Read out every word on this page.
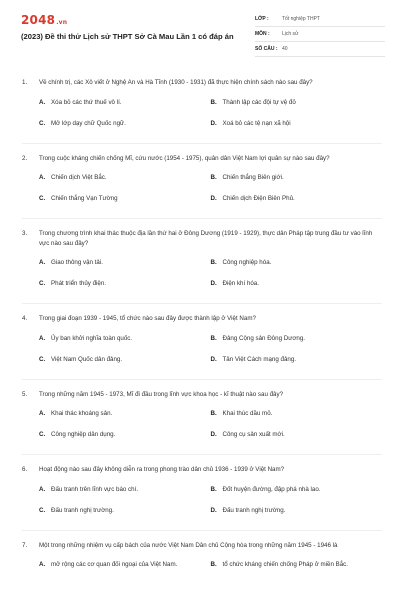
2048.vn
(2023) Đề thi thử Lịch sử THPT Sở Cà Mau Lần 1 có đáp án
LỚP :	Tốt nghiệp THPT
MÔN :	Lịch sử
SỐ CÂU : 40
1.	Về chính trị, các Xô viết ở Nghệ An và Hà Tĩnh (1930 - 1931) đã thực hiện chính sách nào sau đây?
A. Xóa bỏ các thứ thuế vô lí.	B. Thành lập các đội tự vệ đỏ
C. Mở lớp dạy chữ Quốc ngữ.	D. Xoá bỏ các tệ nạn xã hội
2.	Trong cuộc kháng chiến chống Mĩ, cứu nước (1954 - 1975), quân dân Việt Nam lợi quân sự nào sau đây?
A. Chiến dịch Việt Bắc.	B. Chiến thắng Biên giới.
C. Chiến thắng Vạn Tường	D. Chiến dịch Điện Biên Phủ.
3.	Trong chương trình khai thác thuộc địa lần thứ hai ở Đông Dương (1919 - 1929), thực dân Pháp tập trung đầu tư vào lĩnh vực nào sau đây?
A. Giao thông vận tải.	B. Công nghiệp hóa.
C. Phát triển thủy điện.	D. Điện khí hóa.
4.	Trong giai đoạn 1939 - 1945, tổ chức nào sau đây được thành lập ở Việt Nam?
A. Ủy ban khởi nghĩa toàn quốc.	B. Đảng Cộng sản Đông Dương.
C. Việt Nam Quốc dân đảng.	D. Tân Việt Cách mạng đảng.
5.	Trong những năm 1945 - 1973, Mĩ đi đầu trong lĩnh vực khoa học - kĩ thuật nào sau đây?
A. Khai thác khoáng sản.	B. Khai thúc dầu mỏ.
C. Công nghiệp dân dụng.	D. Công cụ sản xuất mới.
6.	Hoạt động nào sau đây không diễn ra trong phong trào dân chủ 1936 - 1939 ở Việt Nam?
A. Đấu tranh trên lĩnh vực báo chí.	B. Đốt huyện đường, đập phá nhà lao.
C. Đấu tranh nghị trường.	D. Đấu tranh nghị trường.
7.	Một trong những nhiệm vụ cấp bách của nước Việt Nam Dân chủ Cộng hòa trong những năm 1945 - 1946 là
A. mở rộng các cơ quan đối ngoại của Việt Nam.	B. tổ chức kháng chiến chống Pháp ở miền Bắc.
